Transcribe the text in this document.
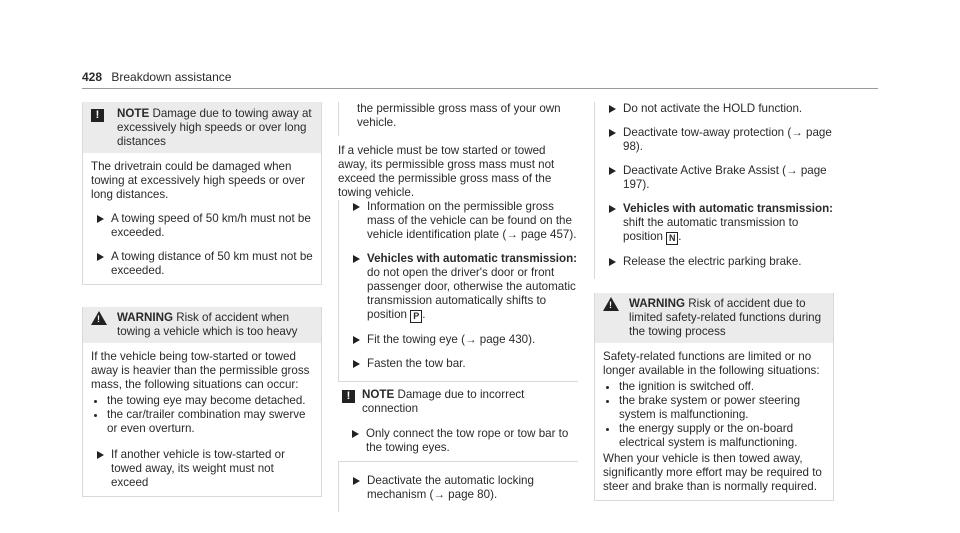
428 Breakdown assistance
!	NOTE Damage due to towing away at excessively high speeds or over long distances

The drivetrain could be damaged when towing at excessively high speeds or over long distances.

A towing speed of 50 km/h must not be exceeded.

A towing distance of 50 km must not be exceeded.

! WARNING Risk of accident when towing a vehicle which is too heavy

If the vehicle being tow-started or towed away is heavier than the permissible gross mass, the following situations can occur:

• the towing eye may become detached.
• the car/trailer combination may swerve or even overturn.

If another vehicle is tow-started or towed away, its weight must not exceed

the permissible gross mass of your own vehicle.

If a vehicle must be tow started or towed away, its permissible gross mass must not exceed the permissible gross mass of the towing vehicle.

Information on the permissible gross mass of the vehicle can be found on the vehicle identification plate (→ page 457).

Vehicles with automatic transmission: do not open the driver's door or front passenger door, otherwise the automatic transmission automatically shifts to position P .

Fit the towing eye (→ page 430).

Fasten the tow bar.

!	NOTE Damage due to incorrect connection

Only connect the tow rope or tow bar to the towing eyes.

Deactivate the automatic locking mechanism (→ page 80).

Do not activate the HOLD function.

Deactivate tow-away protection (→ page 98).

Deactivate Active Brake Assist (→ page 197).

Vehicles with automatic transmission: shift the automatic transmission to position N .

Release the electric parking brake.

! WARNING Risk of accident due to limited safety-related functions during the towing process

Safety-related functions are limited or no longer available in the following situations:

• the ignition is switched off.
• the brake system or power steering system is malfunctioning.
• the energy supply or the on-board electrical system is malfunctioning.

When your vehicle is then towed away, significantly more effort may be required to steer and brake than is normally required.
